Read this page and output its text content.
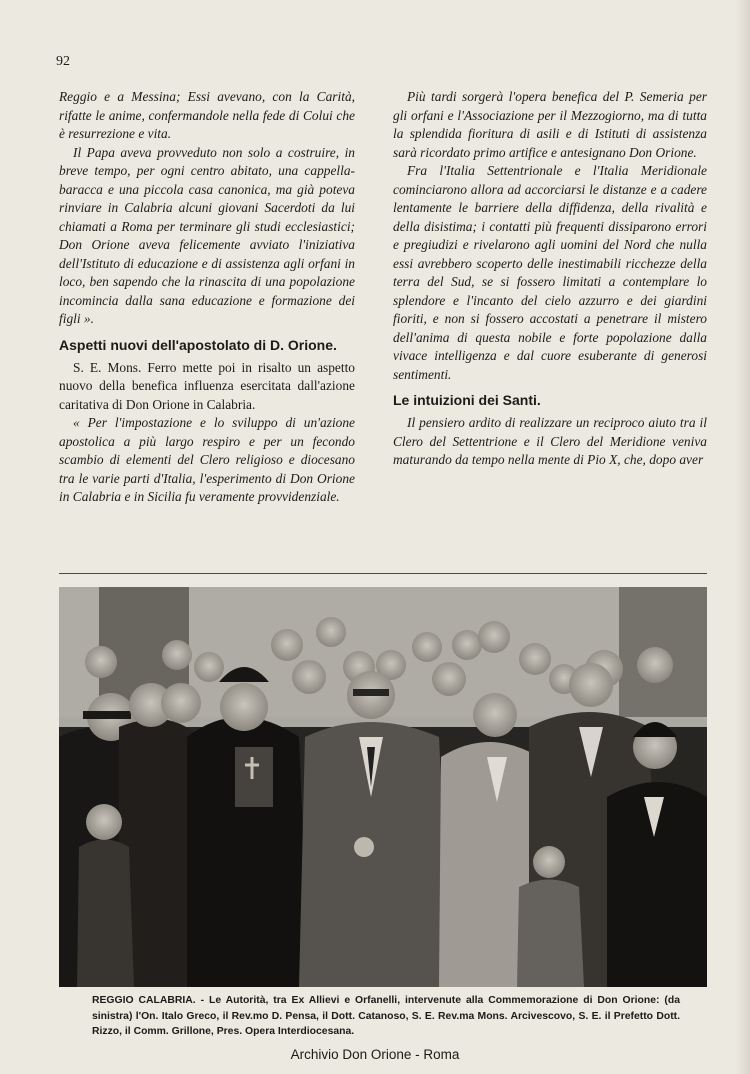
92

Reggio e a Messina; Essi avevano, con la Carità, rifatte le anime, confermandole nella fede di Colui che è resurrezione e vita.

Il Papa aveva provveduto non solo a costruire, in breve tempo, per ogni centro abitato, una cappella-baracca e una piccola casa canonica, ma già poteva rinviare in Calabria alcuni giovani Sacerdoti da lui chiamati a Roma per terminare gli studi ecclesiastici; Don Orione aveva felicemente avviato l'iniziativa dell'Istituto di educazione e di assistenza agli orfani in loco, ben sapendo che la rinascita di una popolazione incomincia dalla sana educazione e formazione dei figli ».

Aspetti nuovi dell'apostolato di D. Orione.

S. E. Mons. Ferro mette poi in risalto un aspetto nuovo della benefica influenza esercitata dall'azione caritativa di Don Orione in Calabria.

« Per l'impostazione e lo sviluppo di un'azione apostolica a più largo respiro e per un fecondo scambio di elementi del Clero religioso e diocesano tra le varie parti d'Italia, l'esperimento di Don Orione in Calabria e in Sicilia fu veramente provvidenziale.

Più tardi sorgerà l'opera benefica del P. Semeria per gli orfani e l'Associazione per il Mezzogiorno, ma di tutta la splendida fioritura di asili e di Istituti di assistenza sarà ricordato primo artifice e antesignano Don Orione.

Fra l'Italia Settentrionale e l'Italia Meridionale cominciarono allora ad accorciarsi le distanze e a cadere lentamente le barriere della diffidenza, della rivalità e della disistima; i contatti più frequenti dissiparono errori e pregiudizi e rivelarono agli uomini del Nord che nulla essi avrebbero scoperto delle inestimabili ricchezze della terra del Sud, se si fossero limitati a contemplare lo splendore e l'incanto del cielo azzurro e dei giardini fioriti, e non si fossero accostati a penetrare il mistero dell'anima di questa nobile e forte popolazione dalla vivace intelligenza e dal cuore esuberante di generosi sentimenti.

Le intuizioni dei Santi.

Il pensiero ardito di realizzare un reciproco aiuto tra il Clero del Settentrione e il Clero del Meridione veniva maturando da tempo nella mente di Pio X, che, dopo aver

REGGIO CALABRIA. - Le Autorità, tra Ex Allievi e Orfanelli, intervenute alla Commemorazione di Don Orione: (da sinistra) l'On. Italo Greco, il Rev.mo D. Pensa, il Dott. Catanoso, S. E. Rev.ma Mons. Arcivescovo, S. E. il Prefetto Dott. Rizzo, il Comm. Grillone, Pres. Opera Interdiocesana.
Archivio Don Orione - Roma
